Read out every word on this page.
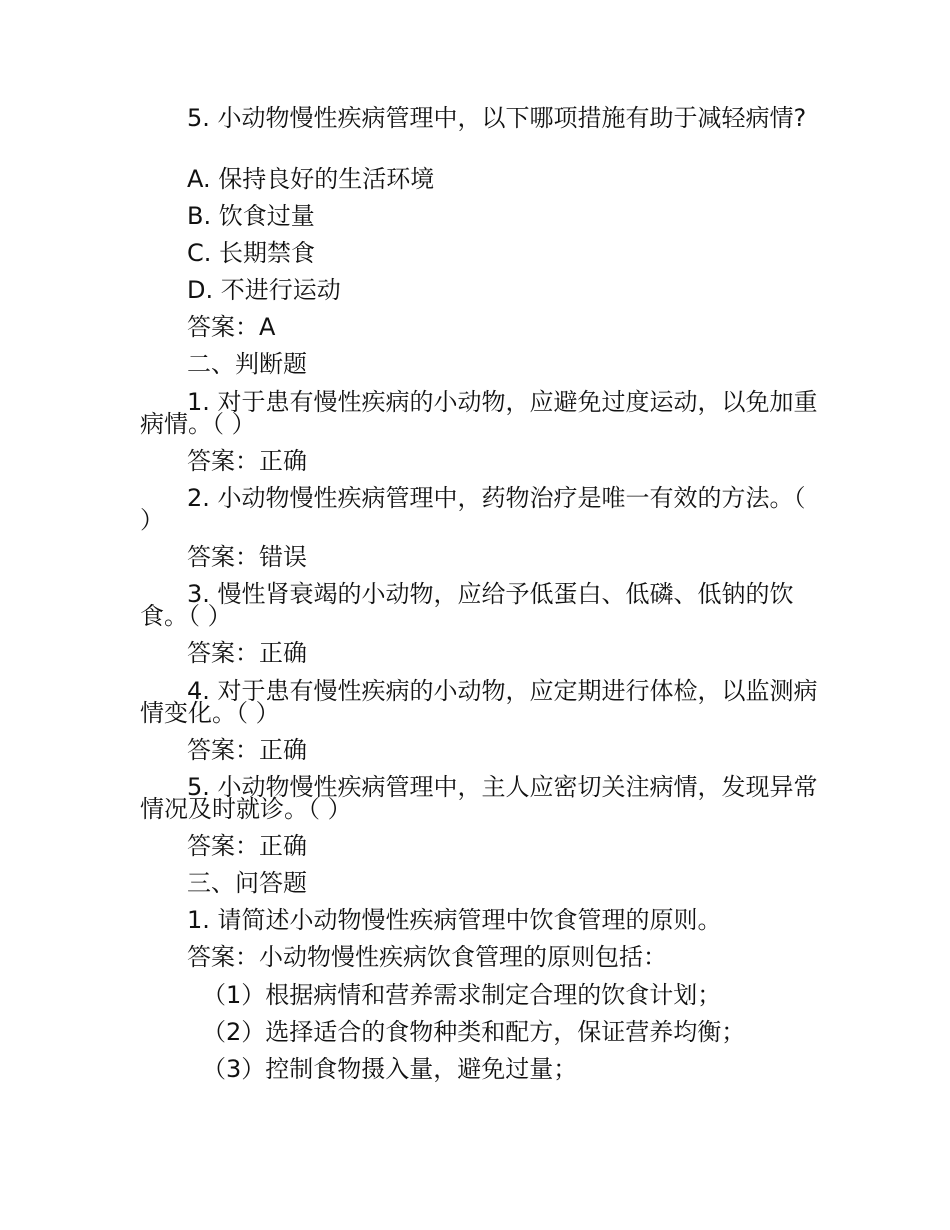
5. 小动物慢性疾病管理中，以下哪项措施有助于减轻病情?

A. 保持良好的生活环境

B. 饮食过量

C. 长期禁食

D. 不进行运动

答案：A

二、判断题

1. 对于患有慢性疾病的小动物，应避免过度运动，以免加重病情。（ ）

答案：正确

2. 小动物慢性疾病管理中，药物治疗是唯一有效的方法。（ ）

答案：错误

3. 慢性肾衰竭的小动物，应给予低蛋白、低磷、低钠的饮食。（ ）

答案：正确

4. 对于患有慢性疾病的小动物，应定期进行体检，以监测病情变化。（ ）

答案：正确

5. 小动物慢性疾病管理中，主人应密切关注病情，发现异常情况及时就诊。（ ）

答案：正确

三、问答题

1. 请简述小动物慢性疾病管理中饮食管理的原则。

答案：小动物慢性疾病饮食管理的原则包括：

（1）根据病情和营养需求制定合理的饮食计划；

（2）选择适合的食物种类和配方，保证营养均衡；

（3）控制食物摄入量，避免过量；
